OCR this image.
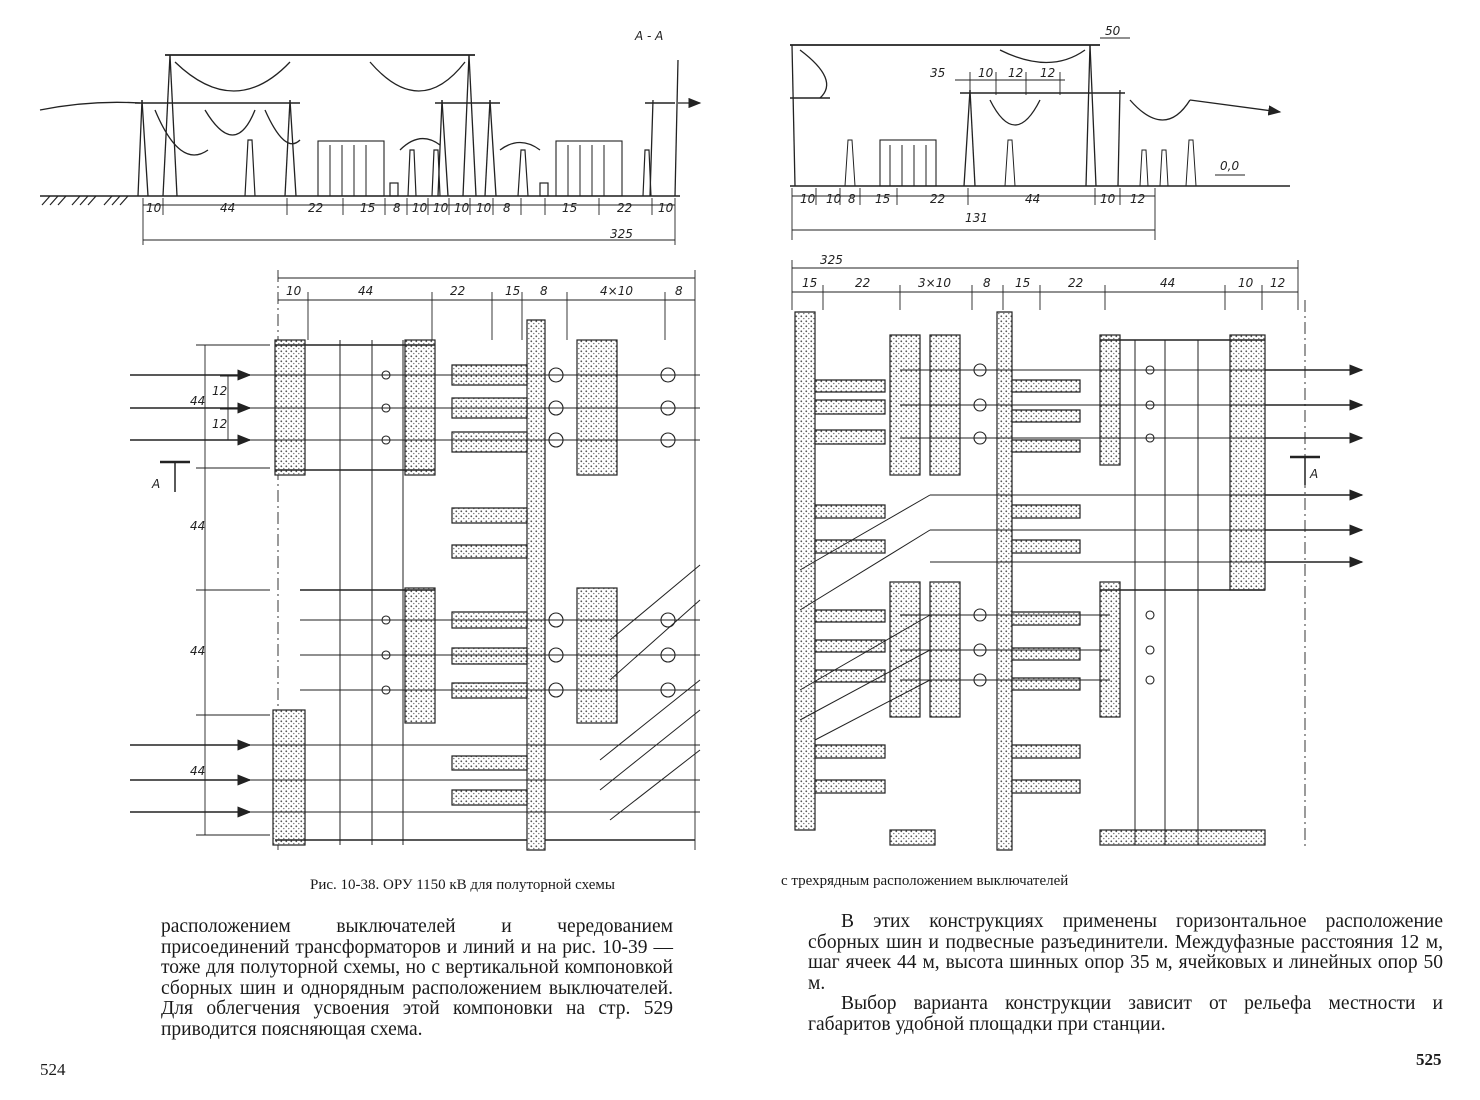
10	44	22	15 8 10 10 10 10 8	15	22 10
325
А - А
10	44	22	15 8	4×10	8
44
44
44
44
12
12
А
35	10 12 12
50
0,0
10 10 8 15	22	44	10 12
131
325
15	22	3×10	8 15	22	44	10 12
А
Рис. 10-38. ОРУ 1150 кВ для полуторной схемы	с трехрядным расположением выключателей
расположением выключателей и чередованием присоединений трансформаторов и линий и на рис. 10-39 — тоже для полуторной схемы, но с вертикальной компоновкой сборных шин и однорядным расположением выключателей. Для облегчения усвоения этой компоновки на стр. 529 приводится поясняющая схема.

В этих конструкциях применены горизонтальное расположение сборных шин и подвесные разъединители. Междуфазные расстояния 12 м, шаг ячеек 44 м, высота шинных опор 35 м, ячейковых и линейных опор 50 м.

Выбор варианта конструкции зависит от рельефа местности и габаритов удобной площадки при станции.

524
525
